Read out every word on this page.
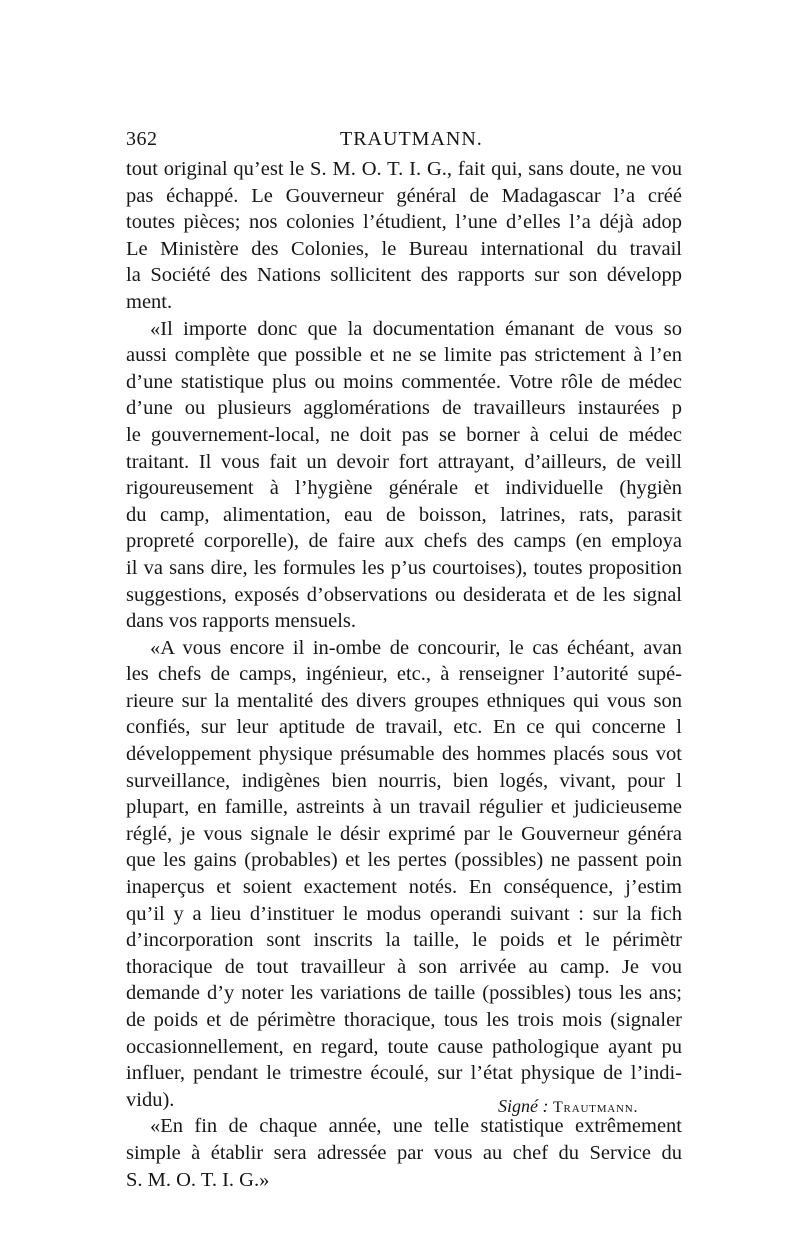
362	TRAUTMANN.
tout original qu’est le S. M. O. T. I. G., fait qui, sans doute, ne vou
pas échappé. Le Gouverneur général de Madagascar l’a créé
toutes pièces; nos colonies l’étudient, l’une d’elles l’a déjà adop
Le Ministère des Colonies, le Bureau international du travail
la Société des Nations sollicitent des rapports sur son développ
ment.
«Il importe donc que la documentation émanant de vous so
aussi complète que possible et ne se limite pas strictement à l’en
d’une statistique plus ou moins commentée. Votre rôle de médec
d’une ou plusieurs agglomérations de travailleurs instaurées p
le gouvernement-local, ne doit pas se borner à celui de médec
traitant. Il vous fait un devoir fort attrayant, d’ailleurs, de veill
rigoureusement à l’hygiène générale et individuelle (hygièn
du camp, alimentation, eau de boisson, latrines, rats, parasit
propreté corporelle), de faire aux chefs des camps (en employa
il va sans dire, les formules les p’us courtoises), toutes proposition
suggestions, exposés d’observations ou desiderata et de les signal
dans vos rapports mensuels.
«A vous encore il in‑ombe de concourir, le cas échéant, avan
les chefs de camps, ingénieur, etc., à renseigner l’autorité supé-
rieure sur la mentalité des divers groupes ethniques qui vous son
confiés, sur leur aptitude de travail, etc. En ce qui concerne l
développement physique présumable des hommes placés sous vot
surveillance, indigènes bien nourris, bien logés, vivant, pour l
plupart, en famille, astreints à un travail régulier et judicieuseme
réglé, je vous signale le désir exprimé par le Gouverneur généra
que les gains (probables) et les pertes (possibles) ne passent poin
inaperçus et soient exactement notés. En conséquence, j’estim
qu’il y a lieu d’instituer le modus operandi suivant : sur la fich
d’incorporation sont inscrits la taille, le poids et le périmètr
thoracique de tout travailleur à son arrivée au camp. Je vou
demande d’y noter les variations de taille (possibles) tous les ans;
de poids et de périmètre thoracique, tous les trois mois (signaler
occasionnellement, en regard, toute cause pathologique ayant pu
influer, pendant le trimestre écoulé, sur l’état physique de l’indi-
vidu).
«En fin de chaque année, une telle statistique extrêmement
simple à établir sera adressée par vous au chef du Service du
S. M. O. T. I. G.»
Signé : Trautmann.
